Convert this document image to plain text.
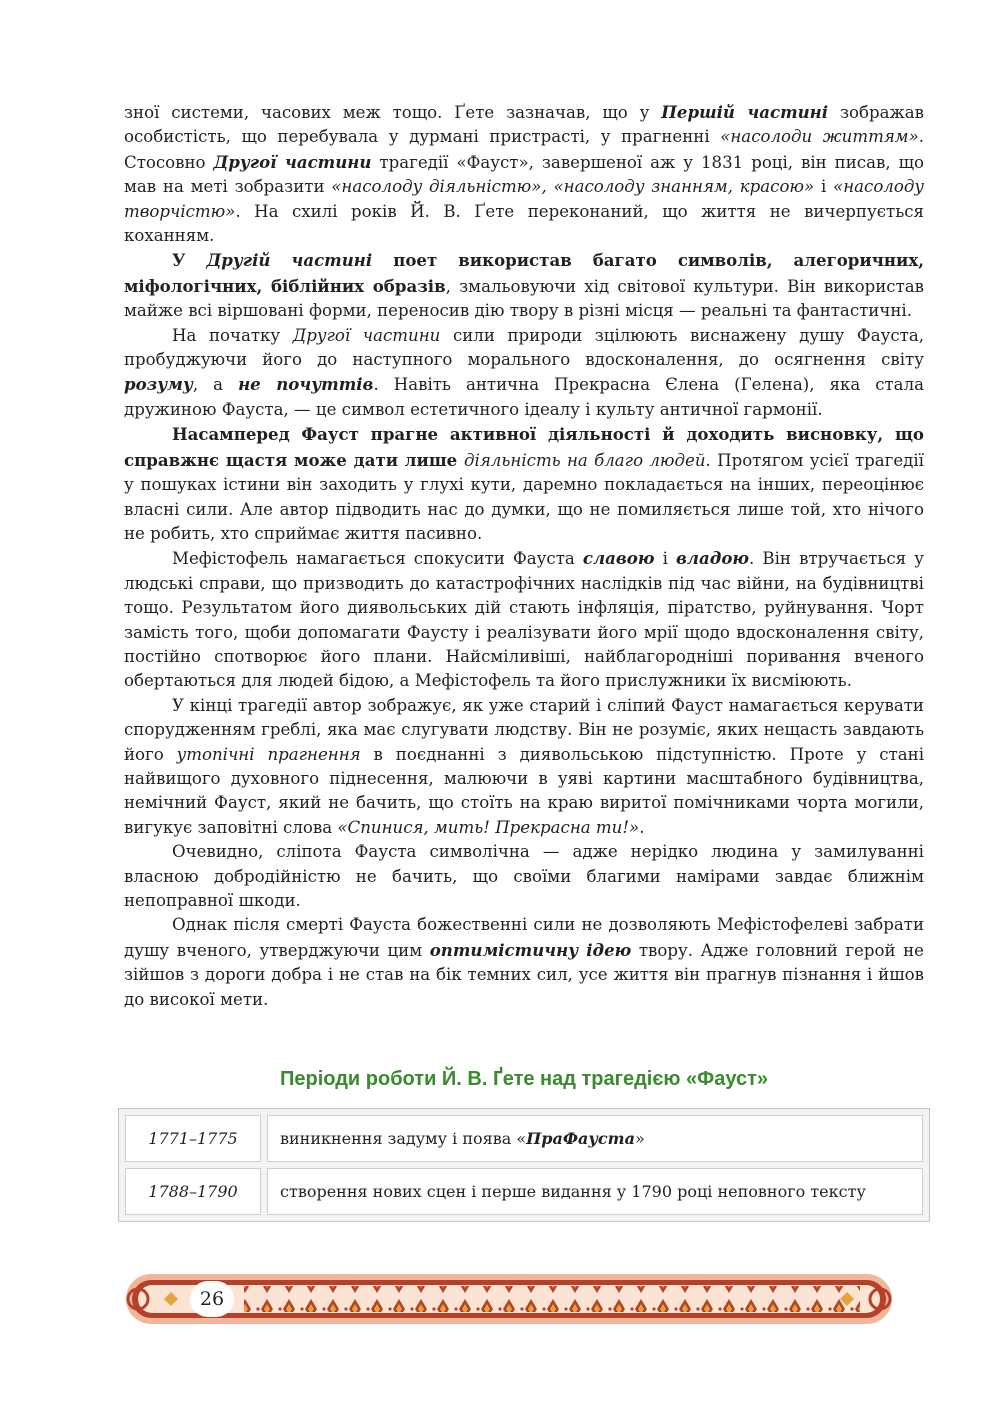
зної системи, часових меж тощо. Ґете зазначав, що у Першій частині зображав особистість, що перебувала у дурмані пристрасті, у прагненні «насолоди життям». Стосовно Другої частини трагедії «Фауст», завершеної аж у 1831 році, він писав, що мав на меті зобразити «насолоду діяльністю», «насолоду знанням, красою» і «насолоду творчістю». На схилі років Й. В. Ґете переконаний, що життя не вичерпується коханням.

У Другій частині поет використав багато символів, алегоричних, міфологічних, біблійних образів, змальовуючи хід світової культури. Він використав майже всі віршовані форми, переносив дію твору в різні місця — реальні та фантастичні.

На початку Другої частини сили природи зцілюють виснажену душу Фауста, пробуджуючи його до наступного морального вдосконалення, до осягнення світу розуму, а не почуттів. Навіть антична Прекрасна Єлена (Гелена), яка стала дружиною Фауста, — це символ естетичного ідеалу і культу античної гармонії.

Насамперед Фауст прагне активної діяльності й доходить висновку, що справжнє щастя може дати лише діяльність на благо людей. Протягом усієї трагедії у пошуках істини він заходить у глухі кути, даремно покладається на інших, переоцінює власні сили. Але автор підводить нас до думки, що не помиляється лише той, хто нічого не робить, хто сприймає життя пасивно.

Мефістофель намагається спокусити Фауста славою і владою. Він втручається у людські справи, що призводить до катастрофічних наслідків під час війни, на будівництві тощо. Результатом його диявольських дій стають інфляція, піратство, руйнування. Чорт замість того, щоби допомагати Фаусту і реалізувати його мрії щодо вдосконалення світу, постійно спотворює його плани. Найсміливіші, найблагородніші поривання вченого обертаються для людей бідою, а Мефістофель та його прислужники їх висміюють.

У кінці трагедії автор зображує, як уже старий і сліпий Фауст намагається керувати спорудженням греблі, яка має слугувати людству. Він не розуміє, яких нещасть завдають його утопічні прагнення в поєднанні з диявольською підступністю. Проте у стані найвищого духовного піднесення, малюючи в уяві картини масштабного будівництва, немічний Фауст, який не бачить, що стоїть на краю виритої помічниками чорта могили, вигукує заповітні слова «Спинися, мить! Прекрасна ти!».

Очевидно, сліпота Фауста символічна — адже нерідко людина у замилуванні власною добродійністю не бачить, що своїми благими намірами завдає ближнім непоправної шкоди.

Однак після смерті Фауста божественні сили не дозволяють Мефістофелеві забрати душу вченого, утверджуючи цим оптимістичну ідею твору. Адже головний герой не зійшов з дороги добра і не став на бік темних сил, усе життя він прагнув пізнання і йшов до високої мети.

Періоди роботи Й. В. Ґете над трагедією «Фауст»
1771–1775	виникнення задуму і поява « ПраФауста »
1788–1790	створення нових сцен і перше видання у 1790 році неповного тексту
26
